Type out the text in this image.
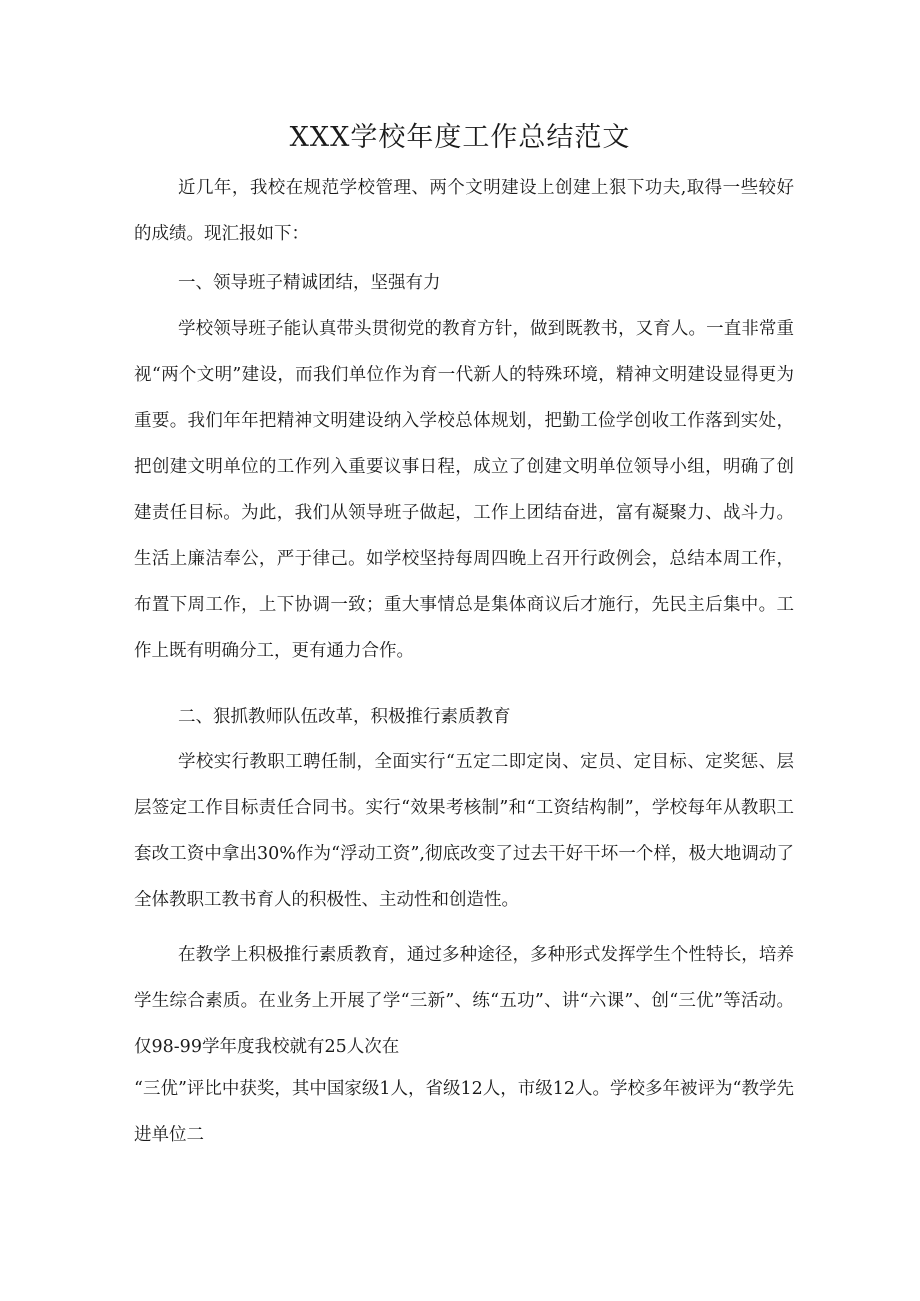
XXX学校年度工作总结范文

近几年，我校在规范学校管理、两个文明建设上创建上狠下功夫,取得一些较好的成绩。现汇报如下：

一、领导班子精诚团结，坚强有力

学校领导班子能认真带头贯彻党的教育方针，做到既教书，又育人。一直非常重视“两个文明”建设，而我们单位作为育一代新人的特殊环境，精神文明建设显得更为重要。我们年年把精神文明建设纳入学校总体规划，把勤工俭学创收工作落到实处，把创建文明单位的工作列入重要议事日程，成立了创建文明单位领导小组，明确了创建责任目标。为此，我们从领导班子做起，工作上团结奋进，富有凝聚力、战斗力。生活上廉洁奉公，严于律己。如学校坚持每周四晚上召开行政例会，总结本周工作，布置下周工作，上下协调一致；重大事情总是集体商议后才施行，先民主后集中。工作上既有明确分工，更有通力合作。

二、狠抓教师队伍改革，积极推行素质教育

学校实行教职工聘任制，全面实行“五定二即定岗、定员、定目标、定奖惩、层层签定工作目标责任合同书。实行“效果考核制”和“工资结构制”，学校每年从教职工套改工资中拿出30%作为“浮动工资”,彻底改变了过去干好干坏一个样，极大地调动了全体教职工教书育人的积极性、主动性和创造性。

在教学上积极推行素质教育，通过多种途径，多种形式发挥学生个性特长，培养学生综合素质。在业务上开展了学“三新”、练“五功”、讲“六课”、创“三优”等活动。仅98-99学年度我校就有25人次在

“三优”评比中获奖，其中国家级1人，省级12人，市级12人。学校多年被评为“教学先进单位二
